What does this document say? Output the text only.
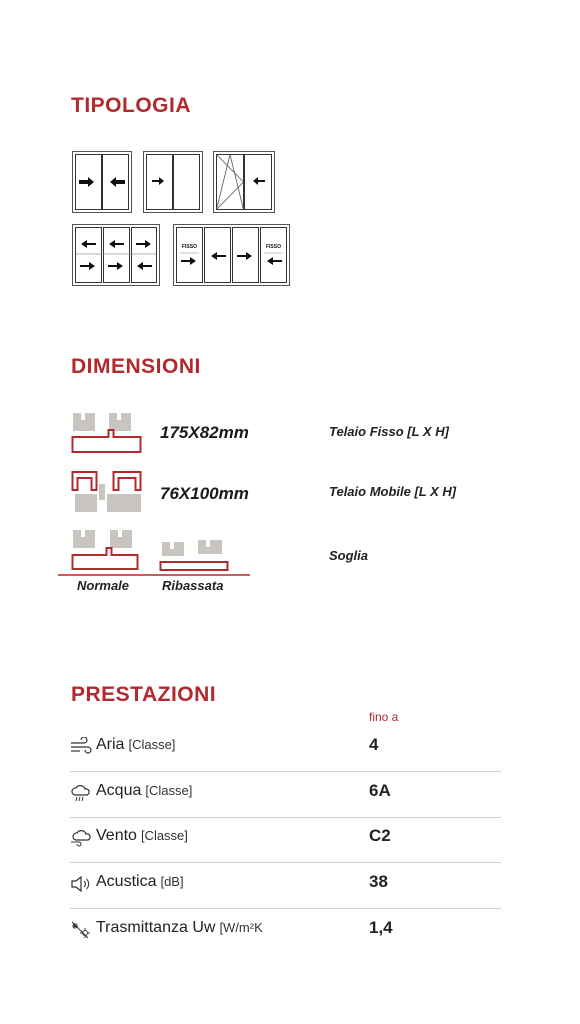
TIPOLOGIA
FISSO	FISSO
DIMENSIONI
175X82mm	Telaio Fisso [L X H]
76X100mm	Telaio Mobile [L X H]
Normale	Ribassata
Soglia
PRESTAZIONI
fino a
Aria [Classe]	4
Acqua [Classe]	6A
Vento [Classe]	C2
Acustica [dB]	38
Trasmittanza Uw [W/m²K	1,4
